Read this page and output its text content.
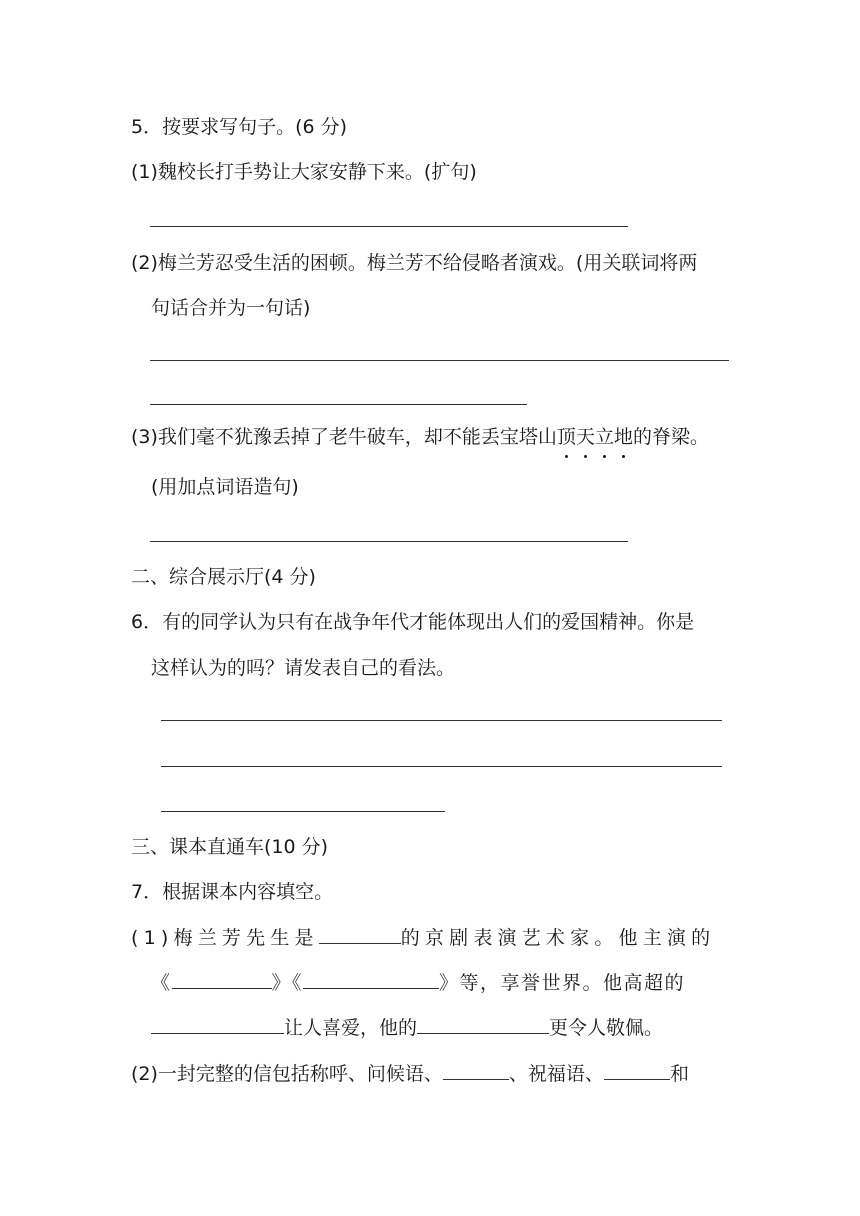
5．按要求写句子。(6 分)
(1)魏校长打手势让大家安静下来。(扩句)
(2)梅兰芳忍受生活的困顿。梅兰芳不给侵略者演戏。(用关联词将两
句话合并为一句话)
(3)我们毫不犹豫丢掉了老牛破车，却不能丢宝塔山顶天立地的脊梁。
(用加点词语造句)
二、综合展示厅(4 分)
6．有的同学认为只有在战争年代才能体现出人们的爱国精神。你是
这样认为的吗？请发表自己的看法。
三、课本直通车(10 分)
7．根据课本内容填空。
(1)梅兰芳先生是	的京剧表演艺术家。他主演的
《	》《	》等，享誉世界。他高超的
让人喜爱，他的	更令人敬佩。
(2)一封完整的信包括称呼、问候语、	、祝福语、	和
